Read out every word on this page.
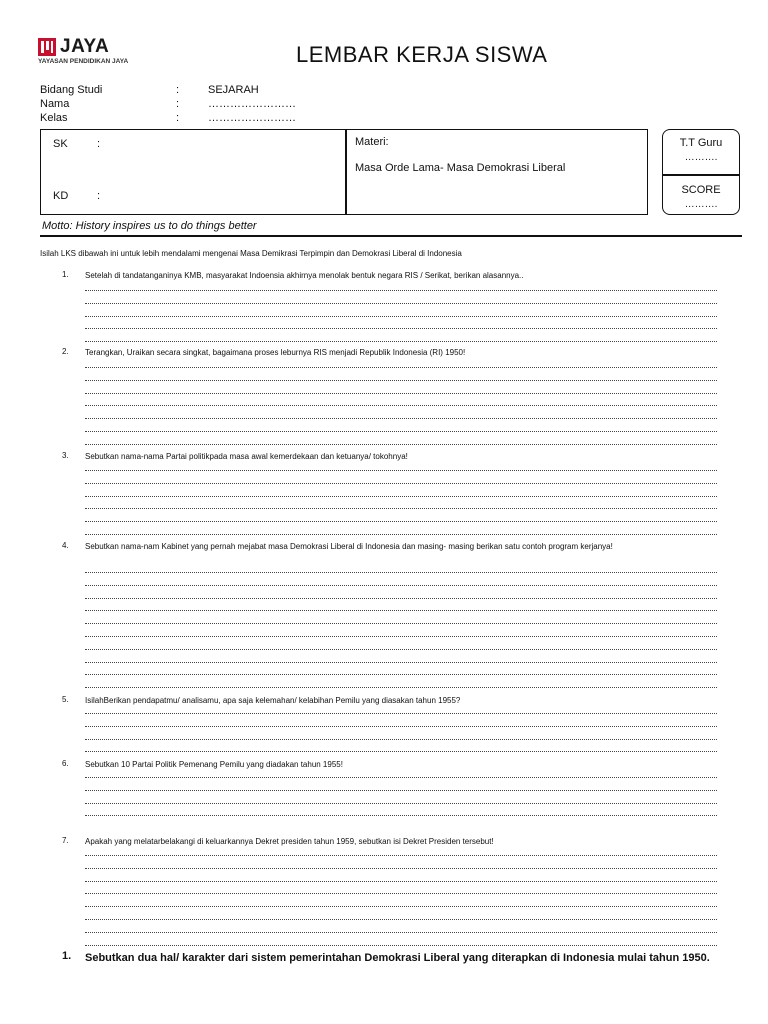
JAYA
YAYASAN PENDIDIKAN JAYA	LEMBAR KERJA SISWA
Bidang Studi	:	SEJARAH
Nama	:	……………………
Kelas	:	……………………
SK	:
KD	:
Materi:
Masa Orde Lama- Masa Demokrasi Liberal
T.T Guru
……….
SCORE
……….
Motto: History inspires us to do things better
Isilah LKS dibawah ini untuk lebih mendalami mengenai Masa Demikrasi Terpimpin dan Demokrasi Liberal di Indonesia
1. Setelah di tandatanganinya KMB, masyarakat Indoensia akhirnya menolak bentuk negara RIS / Serikat, berikan alasannya..
2. Terangkan, Uraikan secara singkat, bagaimana proses leburnya RIS menjadi Republik Indonesia (RI) 1950!
3. Sebutkan nama-nama Partai politikpada masa awal kemerdekaan dan ketuanya/ tokohnya!
4. Sebutkan nama-nam Kabinet yang pernah mejabat masa Demokrasi Liberal di Indonesia dan masing- masing berikan satu contoh program kerjanya!
5. IsilahBerikan pendapatmu/ analisamu, apa saja kelemahan/ kelabihan Pemilu yang diasakan tahun 1955?
6. Sebutkan 10 Partai Politik Pemenang Pemilu yang diadakan tahun 1955!
7. Apakah yang melatarbelakangi di keluarkannya Dekret presiden tahun 1959, sebutkan isi Dekret Presiden tersebut!
1. Sebutkan dua hal/ karakter dari sistem pemerintahan Demokrasi Liberal yang diterapkan di Indonesia mulai tahun 1950.
